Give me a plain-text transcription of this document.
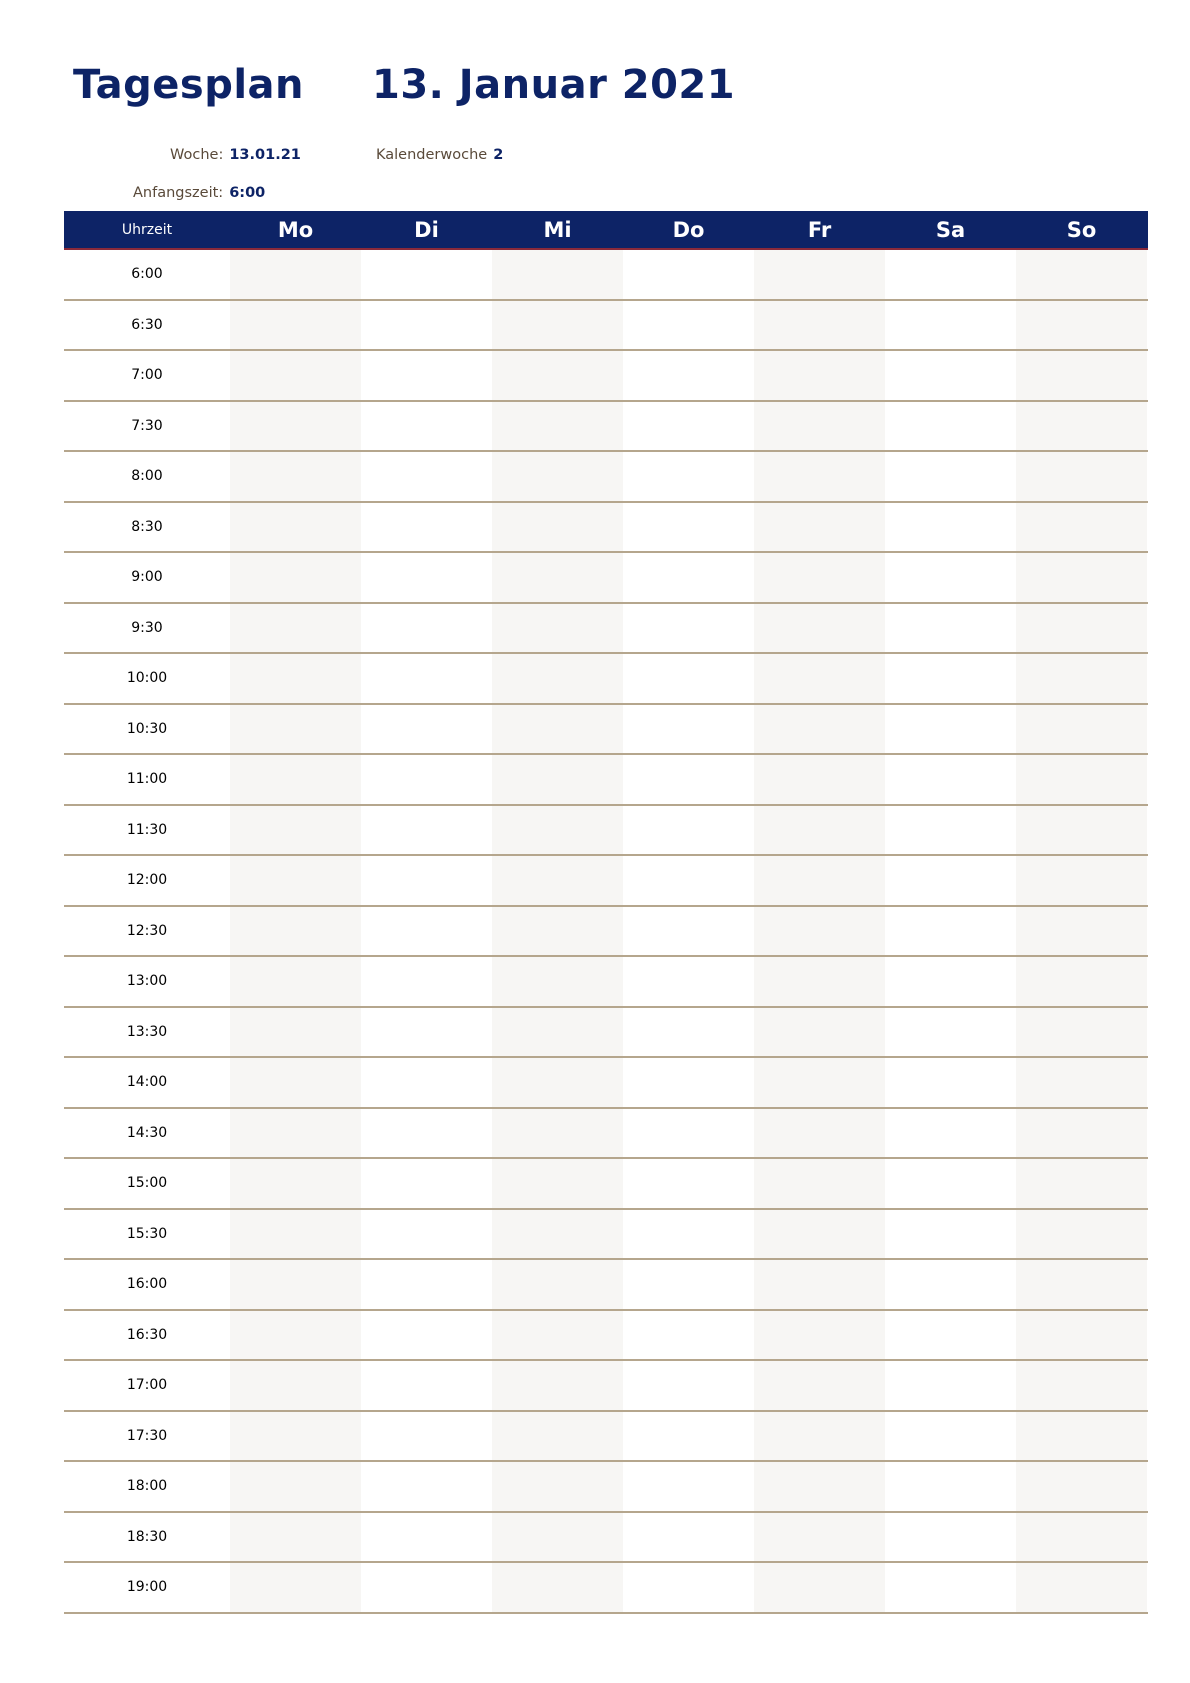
Tagesplan 13. Januar 2021
Woche: 13.01.21	Kalenderwoche 2
Anfangszeit: 6:00
Uhrzeit	Mo	Di	Mi	Do	Fr	Sa	So
6:00
6:30
7:00
7:30
8:00
8:30
9:00
9:30
10:00
10:30
11:00
11:30
12:00
12:30
13:00
13:30
14:00
14:30
15:00
15:30
16:00
16:30
17:00
17:30
18:00
18:30
19:00
